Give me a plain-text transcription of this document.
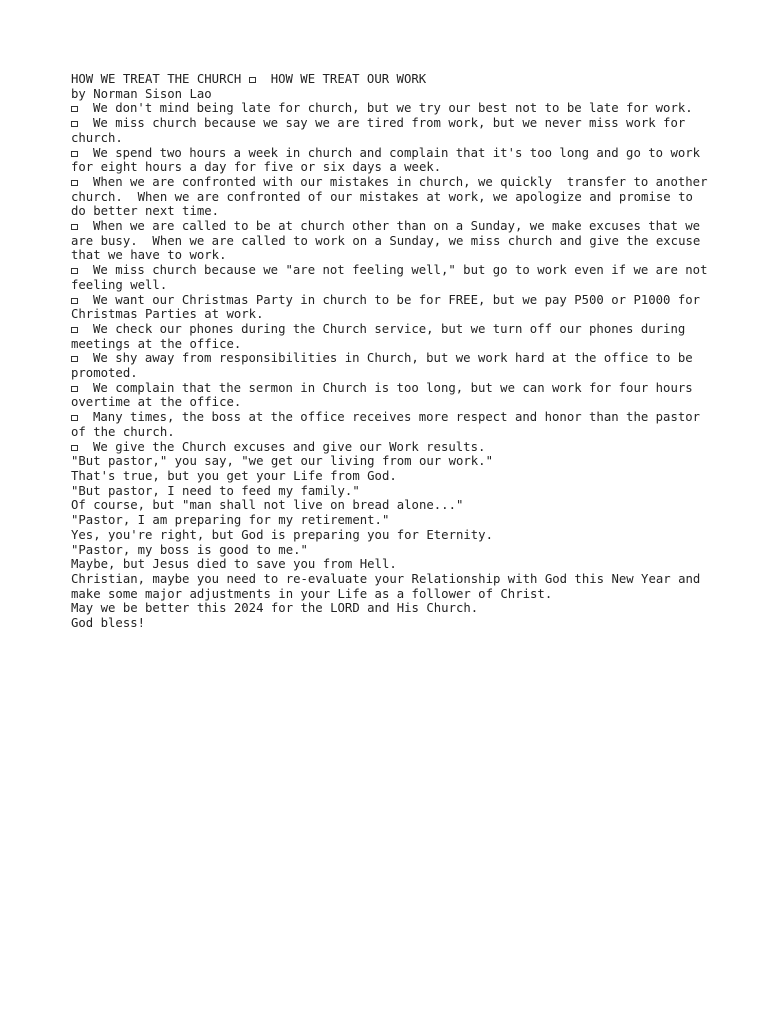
HOW WE TREAT THE CHURCH HOW WE TREAT OUR WORK
by Norman Sison Lao
We don't mind being late for church, but we try our best not to be late for work.
We miss church because we say we are tired from work, but we never miss work for church.
We spend two hours a week in church and complain that it's too long and go to work for eight hours a day for five or six days a week.
When we are confronted with our mistakes in church, we quickly  transfer to another church.  When we are confronted of our mistakes at work, we apologize and promise to do better next time.
When we are called to be at church other than on a Sunday, we make excuses that we are busy.  When we are called to work on a Sunday, we miss church and give the excuse that we have to work.
We miss church because we "are not feeling well," but go to work even if we are not feeling well.
We want our Christmas Party in church to be for FREE, but we pay P500 or P1000 for Christmas Parties at work.
We check our phones during the Church service, but we turn off our phones during meetings at the office.
We shy away from responsibilities in Church, but we work hard at the office to be promoted.
We complain that the sermon in Church is too long, but we can work for four hours overtime at the office.
Many times, the boss at the office receives more respect and honor than the pastor of the church.
We give the Church excuses and give our Work results.
"But pastor," you say, "we get our living from our work."
That's true, but you get your Life from God.
"But pastor, I need to feed my family."
Of course, but "man shall not live on bread alone..."
"Pastor, I am preparing for my retirement."
Yes, you're right, but God is preparing you for Eternity.
"Pastor, my boss is good to me."
Maybe, but Jesus died to save you from Hell.
Christian, maybe you need to re-evaluate your Relationship with God this New Year and make some major adjustments in your Life as a follower of Christ.
May we be better this 2024 for the LORD and His Church.
God bless!
